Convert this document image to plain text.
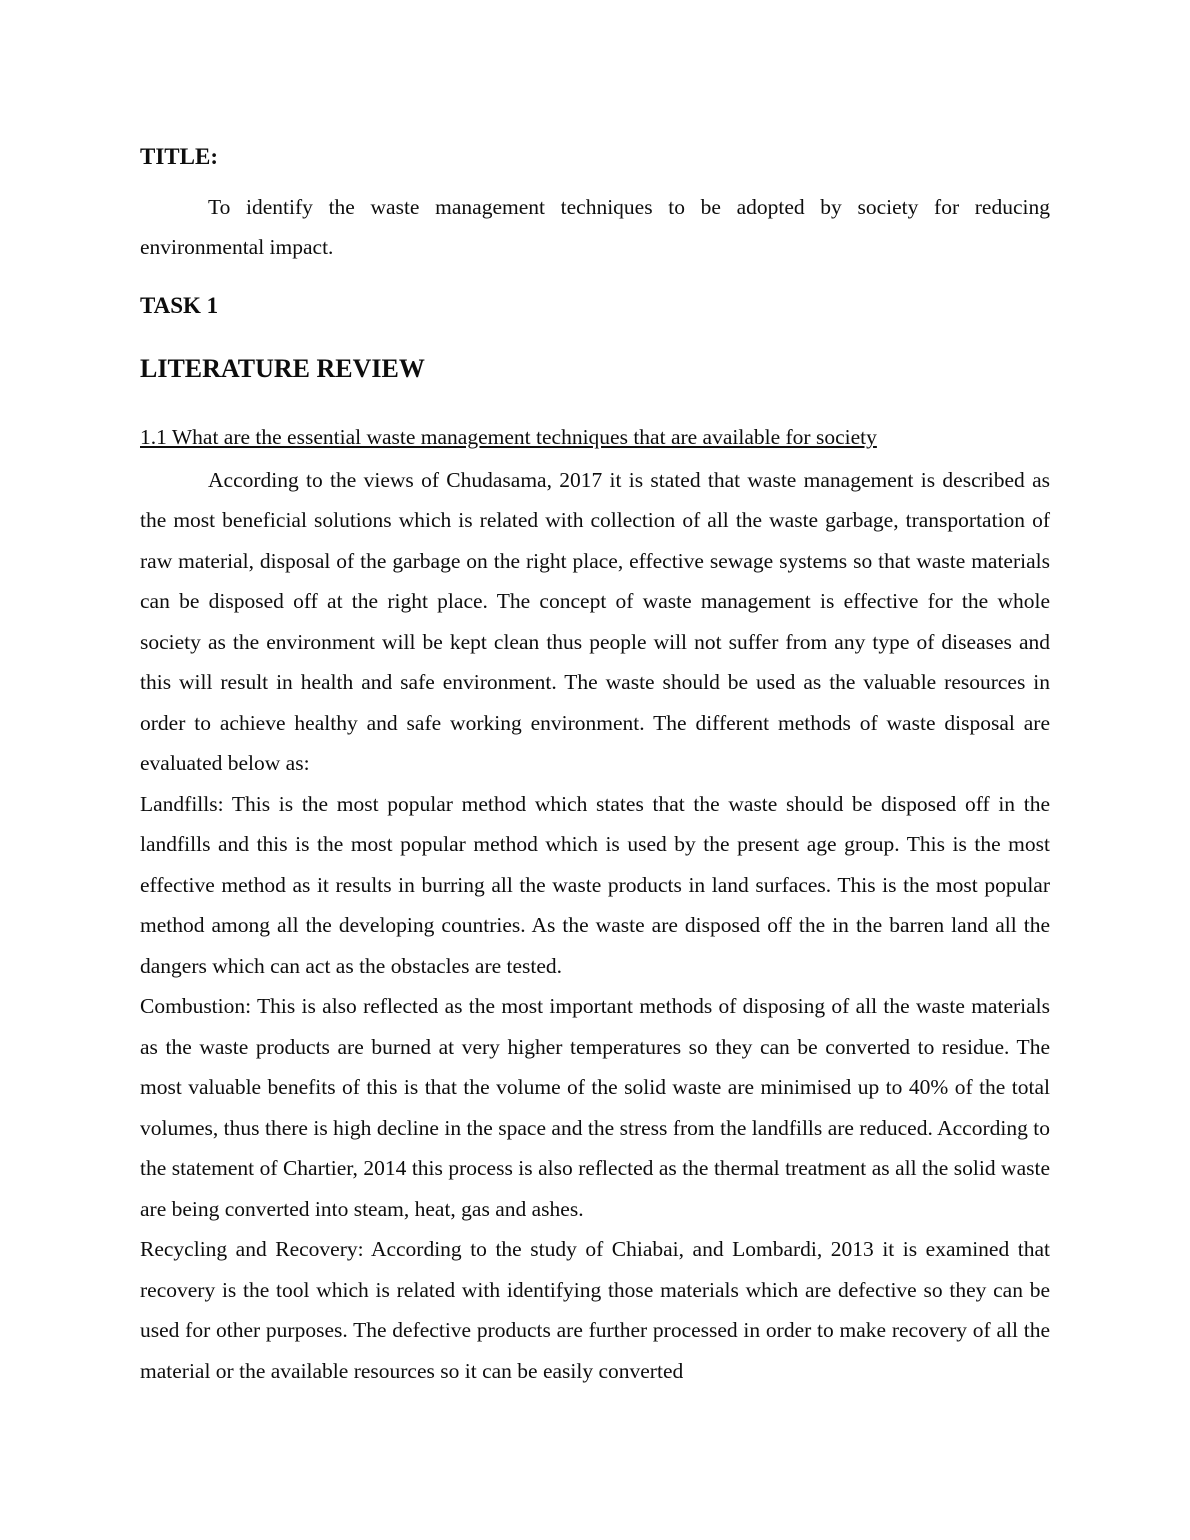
TITLE:

To identify the waste management techniques to be adopted by society for reducing environmental impact.

TASK 1
LITERATURE REVIEW
1.1 What are the essential waste management techniques that are available for society

According to the views of Chudasama, 2017 it is stated that waste management is described as the most beneficial solutions which is related with collection of all the waste garbage, transportation of raw material, disposal of the garbage on the right place, effective sewage systems so that waste materials can be disposed off at the right place. The concept of waste management is effective for the whole society as the environment will be kept clean thus people will not suffer from any type of diseases and this will result in health and safe environment. The waste should be used as the valuable resources in order to achieve healthy and safe working environment. The different methods of waste disposal are evaluated below as:

Landfills: This is the most popular method which states that the waste should be disposed off in the landfills and this is the most popular method which is used by the present age group. This is the most effective method as it results in burring all the waste products in land surfaces. This is the most popular method among all the developing countries. As the waste are disposed off the in the barren land all the dangers which can act as the obstacles are tested.

Combustion: This is also reflected as the most important methods of disposing of all the waste materials as the waste products are burned at very higher temperatures so they can be converted to residue. The most valuable benefits of this is that the volume of the solid waste are minimised up to 40% of the total volumes, thus there is high decline in the space and the stress from the landfills are reduced. According to the statement of Chartier, 2014 this process is also reflected as the thermal treatment as all the solid waste are being converted into steam, heat, gas and ashes.

Recycling and Recovery: According to the study of Chiabai, and Lombardi, 2013 it is examined that recovery is the tool which is related with identifying those materials which are defective so they can be used for other purposes. The defective products are further processed in order to make recovery of all the material or the available resources so it can be easily converted
